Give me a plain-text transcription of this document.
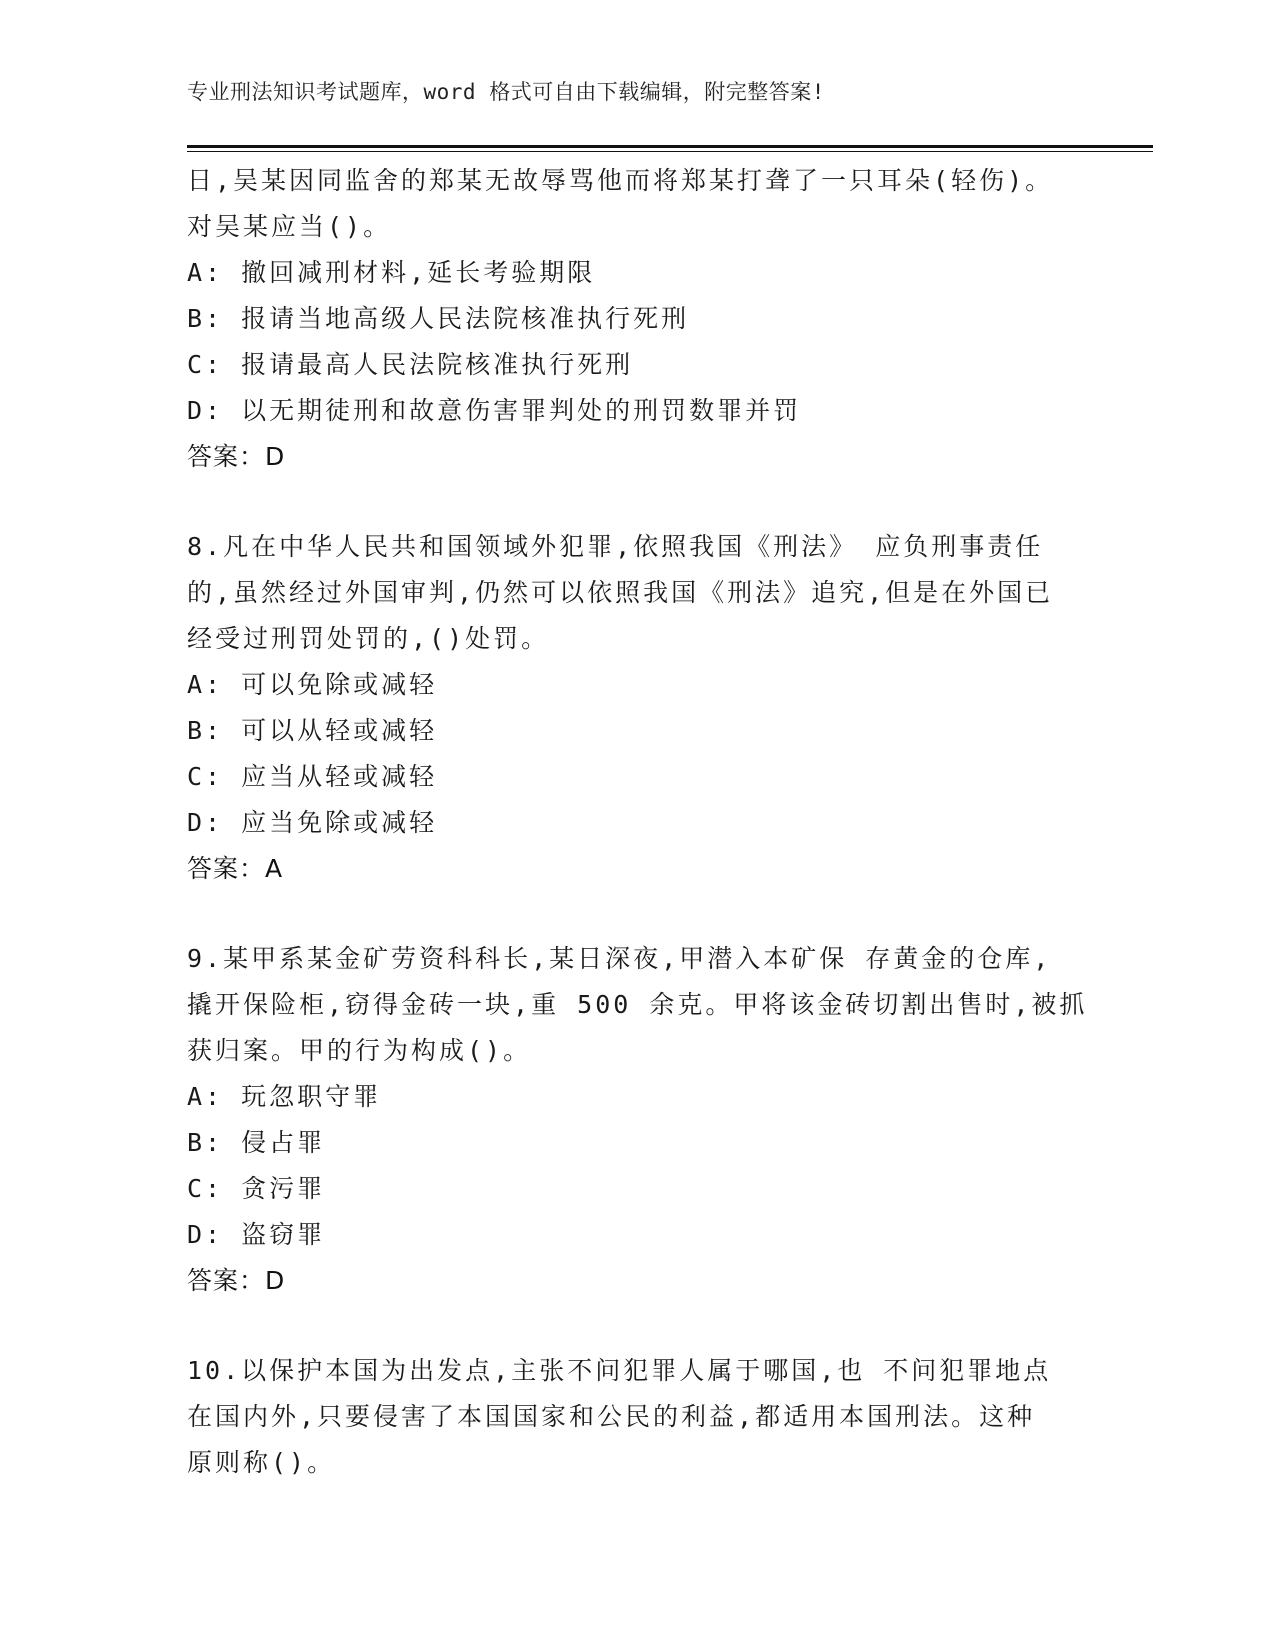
专业刑法知识考试题库，word 格式可自由下载编辑，附完整答案!
日,吴某因同监舍的郑某无故辱骂他而将郑某打聋了一只耳朵(轻伤)。
对吴某应当()。
A: 撤回减刑材料,延长考验期限
B: 报请当地高级人民法院核准执行死刑
C: 报请最高人民法院核准执行死刑
D: 以无期徒刑和故意伤害罪判处的刑罚数罪并罚
答案：D
8.凡在中华人民共和国领域外犯罪,依照我国《刑法》 应负刑事责任
的,虽然经过外国审判,仍然可以依照我国《刑法》追究,但是在外国已
经受过刑罚处罚的,()处罚。
A: 可以免除或减轻
B: 可以从轻或减轻
C: 应当从轻或减轻
D: 应当免除或减轻
答案：A
9.某甲系某金矿劳资科科长,某日深夜,甲潜入本矿保 存黄金的仓库,
撬开保险柜,窃得金砖一块,重 500 余克。甲将该金砖切割出售时,被抓
获归案。甲的行为构成()。
A: 玩忽职守罪
B: 侵占罪
C: 贪污罪
D: 盗窃罪
答案：D
10.以保护本国为出发点,主张不问犯罪人属于哪国,也 不问犯罪地点
在国内外,只要侵害了本国国家和公民的利益,都适用本国刑法。这种
原则称()。
